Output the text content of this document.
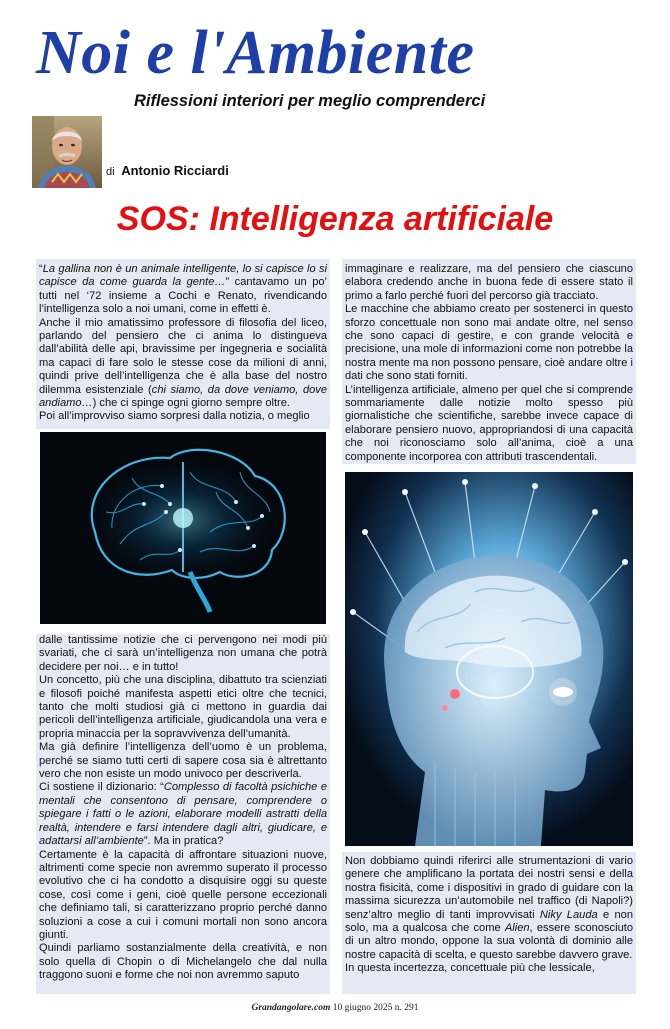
Noi e l'Ambiente
Riflessioni interiori per meglio comprenderci
di Antonio Ricciardi
SOS: Intelligenza artificiale

“La gallina non è un animale intelligente, lo si capisce lo si capisce da come guarda la gente…” cantavamo un po’ tutti nel ‘72 insieme a Cochi e Renato, rivendicando l’intelligenza solo a noi umani, come in effetti è.

Anche il mio amatissimo professore di filosofia del liceo, parlando del pensiero che ci anima lo distingueva dall’abilità delle api, bravissime per ingegneria e socialità ma capaci di fare solo le stesse cose da milioni di anni, quindi prive dell’intelligenza che è alla base del nostro dilemma esistenziale (chi siamo, da dove veniamo, dove andiamo…) che ci spinge ogni giorno sempre oltre.

Poi all’improvviso siamo sorpresi dalla notizia, o meglio

dalle tantissime notizie che ci pervengono nei modi più svariati, che ci sarà un’intelligenza non umana che potrà decidere per noi… e in tutto!

Un concetto, più che una disciplina, dibattuto tra scienziati e filosofi poiché manifesta aspetti etici oltre che tecnici, tanto che molti studiosi già ci mettono in guardia dai pericoli dell’intelligenza artificiale, giudicandola una vera e propria minaccia per la sopravvivenza dell’umanità.

Ma già definire l’intelligenza dell’uomo è un problema, perché se siamo tutti certi di sapere cosa sia è altrettanto vero che non esiste un modo univoco per descriverla.

Ci sostiene il dizionario: “Complesso di facoltà psichiche e mentali che consentono di pensare, comprendere o spiegare i fatti o le azioni, elaborare modelli astratti della realtà, intendere e farsi intendere dagli altri, giudicare, e adattarsi all’ambiente”. Ma in pratica?

Certamente è la capacità di affrontare situazioni nuove, altrimenti come specie non avremmo superato il processo evolutivo che ci ha condotto a disquisire oggi su queste cose, così come i geni, cioè quelle persone eccezionali che definiamo tali, si caratterizzano proprio perché danno soluzioni a cose a cui i comuni mortali non sono ancora giunti.

Quindi parliamo sostanzialmente della creatività, e non solo quella di Chopin o di Michelangelo che dal nulla traggono suoni e forme che noi non avremmo saputo

immaginare e realizzare, ma del pensiero che ciascuno elabora credendo anche in buona fede di essere stato il primo a farlo perché fuori del percorso già tracciato.

Le macchine che abbiamo creato per sostenerci in questo sforzo concettuale non sono mai andate oltre, nel senso che sono capaci di gestire, e con grande velocità e precisione, una mole di informazioni come non potrebbe la nostra mente ma non possono pensare, cioè andare oltre i dati che sono stati forniti.

L’intelligenza artificiale, almeno per quel che si comprende sommariamente dalle notizie molto spesso più giornalistiche che scientifiche, sarebbe invece capace di elaborare pensiero nuovo, appropriandosi di una capacità che noi riconosciamo solo all’anima, cioè a una componente incorporea con attributi trascendentali.

Non dobbiamo quindi riferirci alle strumentazioni di vario genere che amplificano la portata dei nostri sensi e della nostra fisicità, come i dispositivi in grado di guidare con la massima sicurezza un’automobile nel traffico (di Napoli?) senz’altro meglio di tanti improvvisati Niky Lauda e non solo, ma a qualcosa che come Alien, essere sconosciuto di un altro mondo, oppone la sua volontà di dominio alle nostre capacità di scelta, e questo sarebbe davvero grave.

In questa incertezza, concettuale più che lessicale,

Grandangolare.com 10 giugno 2025 n. 291
